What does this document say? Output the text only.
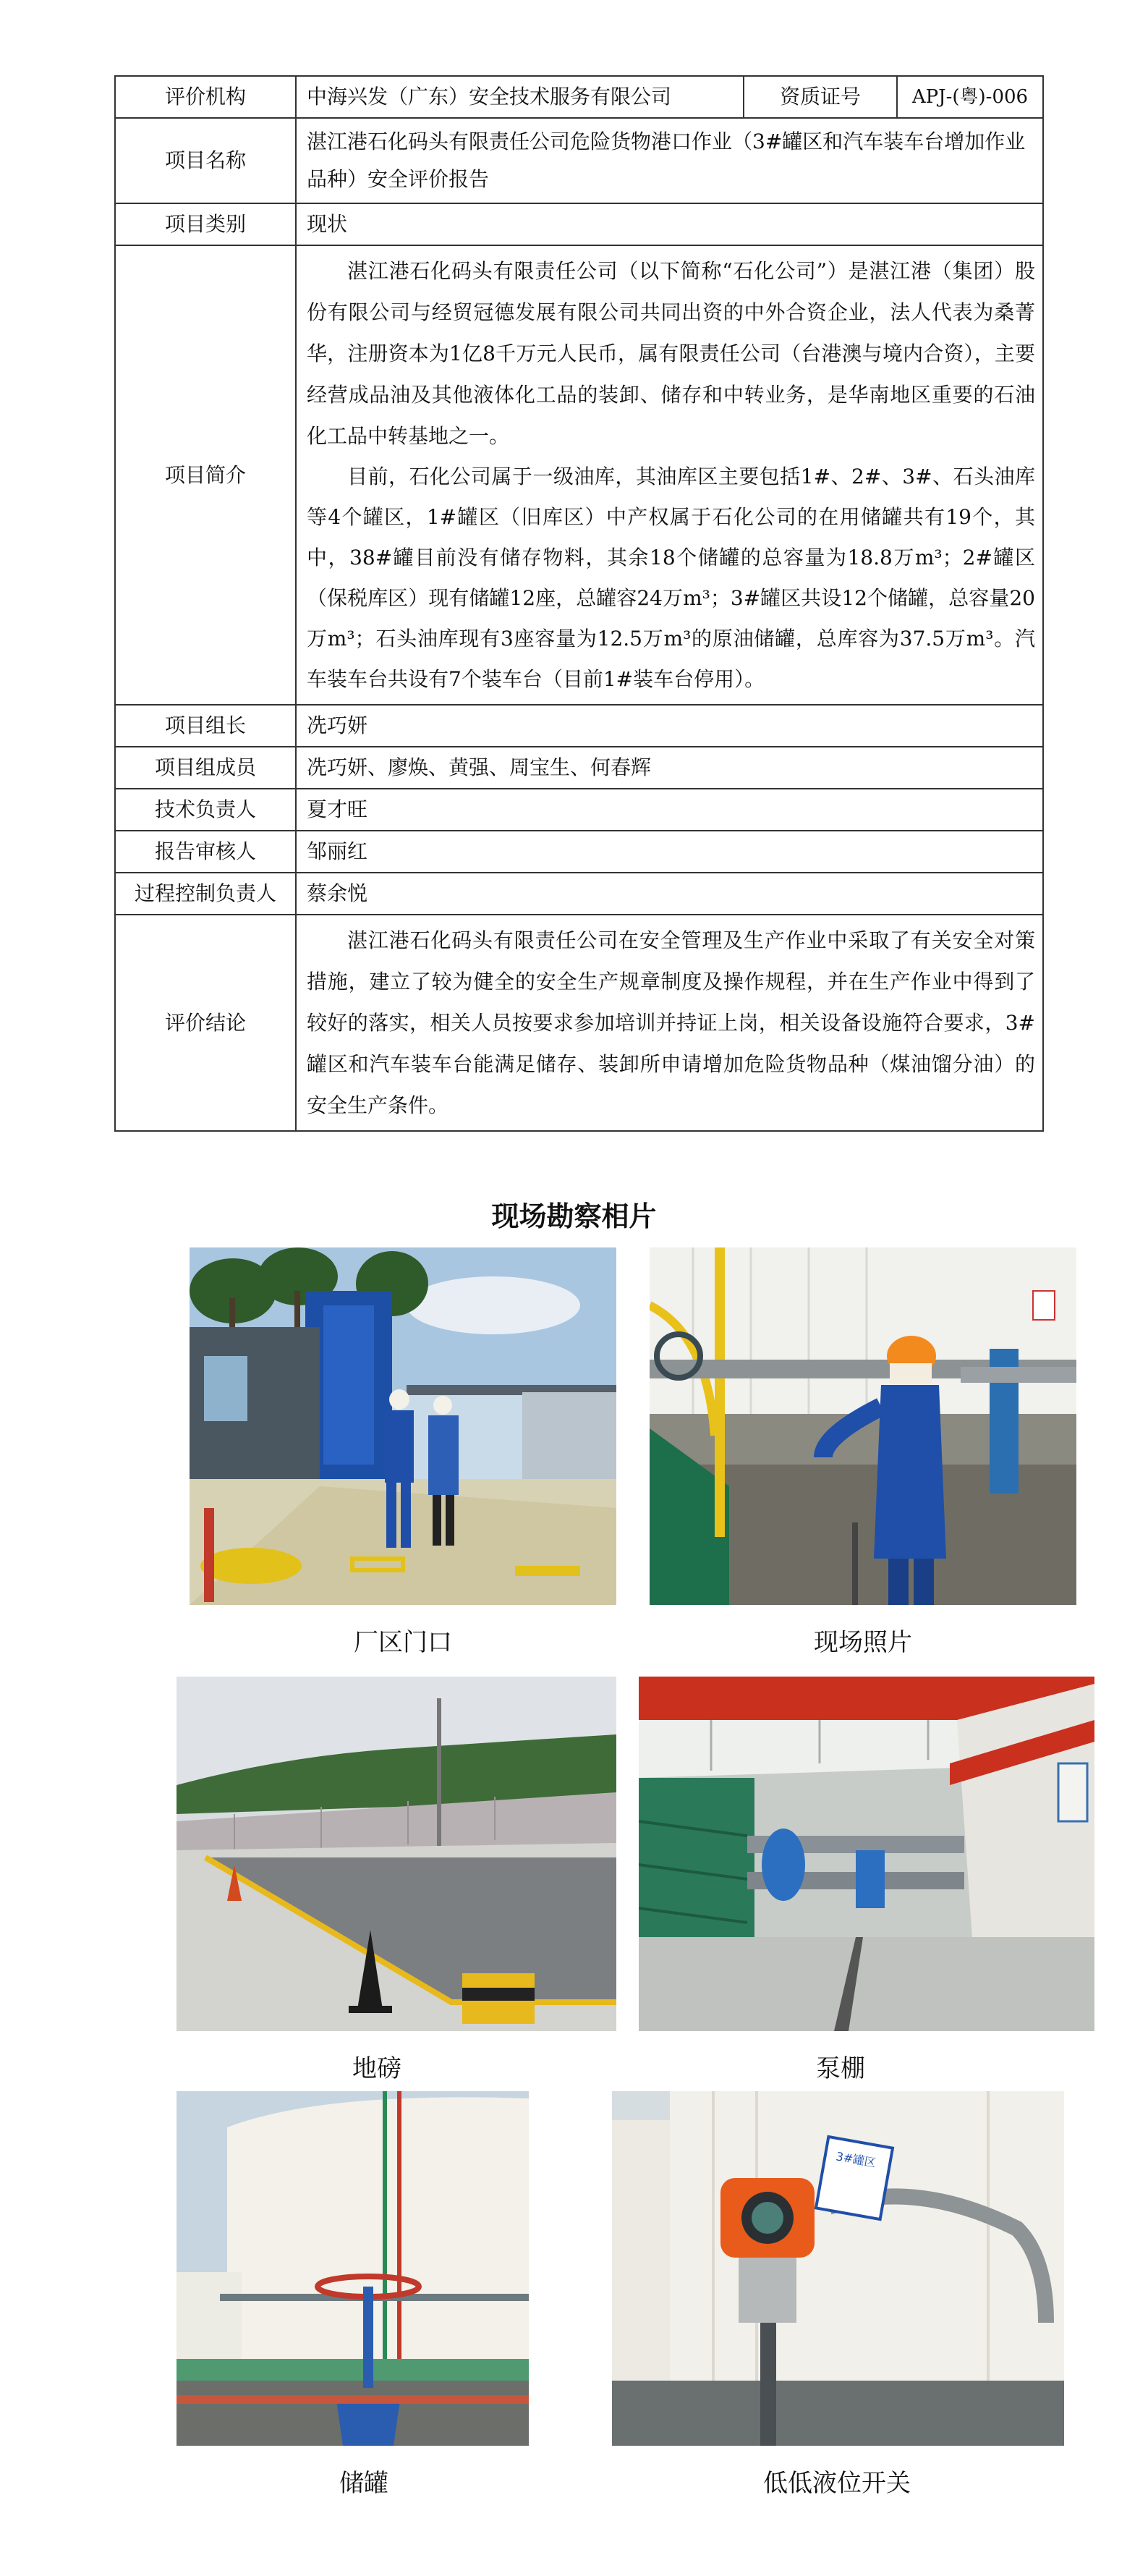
评价机构	中海兴发（广东）安全技术服务有限公司	资质证号	APJ-(粤)-006
项目名称	湛江港石化码头有限责任公司危险货物港口作业（3#罐区和汽车装车台增加作业品种）安全评价报告		
项目类别	现状		
项目简介	湛江港石化码头有限责任公司（以下简称“石化公司”）是湛江港（集团）股份有限公司与经贸冠德发展有限公司共同出资的中外合资企业，法人代表为桑菁华，注册资本为1亿8千万元人民币，属有限责任公司（台港澳与境内合资），主要经营成品油及其他液体化工品的装卸、储存和中转业务，是华南地区重要的石油化工品中转基地之一。

目前，石化公司属于一级油库，其油库区主要包括1#、2#、3#、石头油库等4个罐区，1#罐区（旧库区）中产权属于石化公司的在用储罐共有19个，其中，38#罐目前没有储存物料，其余18个储罐的总容量为18.8万m³；2#罐区（保税库区）现有储罐12座，总罐容24万m³；3#罐区共设12个储罐，总容量20万m³；石头油库现有3座容量为12.5万m³的原油储罐，总库容为37.5万m³。汽车装车台共设有7个装车台（目前1#装车台停用）。		

项目组长	冼巧妍		
项目组成员	冼巧妍、廖焕、黄强、周宝生、何春辉		
技术负责人	夏才旺		
报告审核人	邹丽红		
过程控制负责人	蔡余悦		
评价结论	湛江港石化码头有限责任公司在安全管理及生产作业中采取了有关安全对策措施，建立了较为健全的安全生产规章制度及操作规程，并在生产作业中得到了较好的落实，相关人员按要求参加培训并持证上岗，相关设备设施符合要求，3#罐区和汽车装车台能满足储存、装卸所申请增加危险货物品种（煤油馏分油）的安全生产条件。		

现场勘察相片
厂区门口	现场照片
地磅	泵棚
3#罐区
储罐	低低液位开关
